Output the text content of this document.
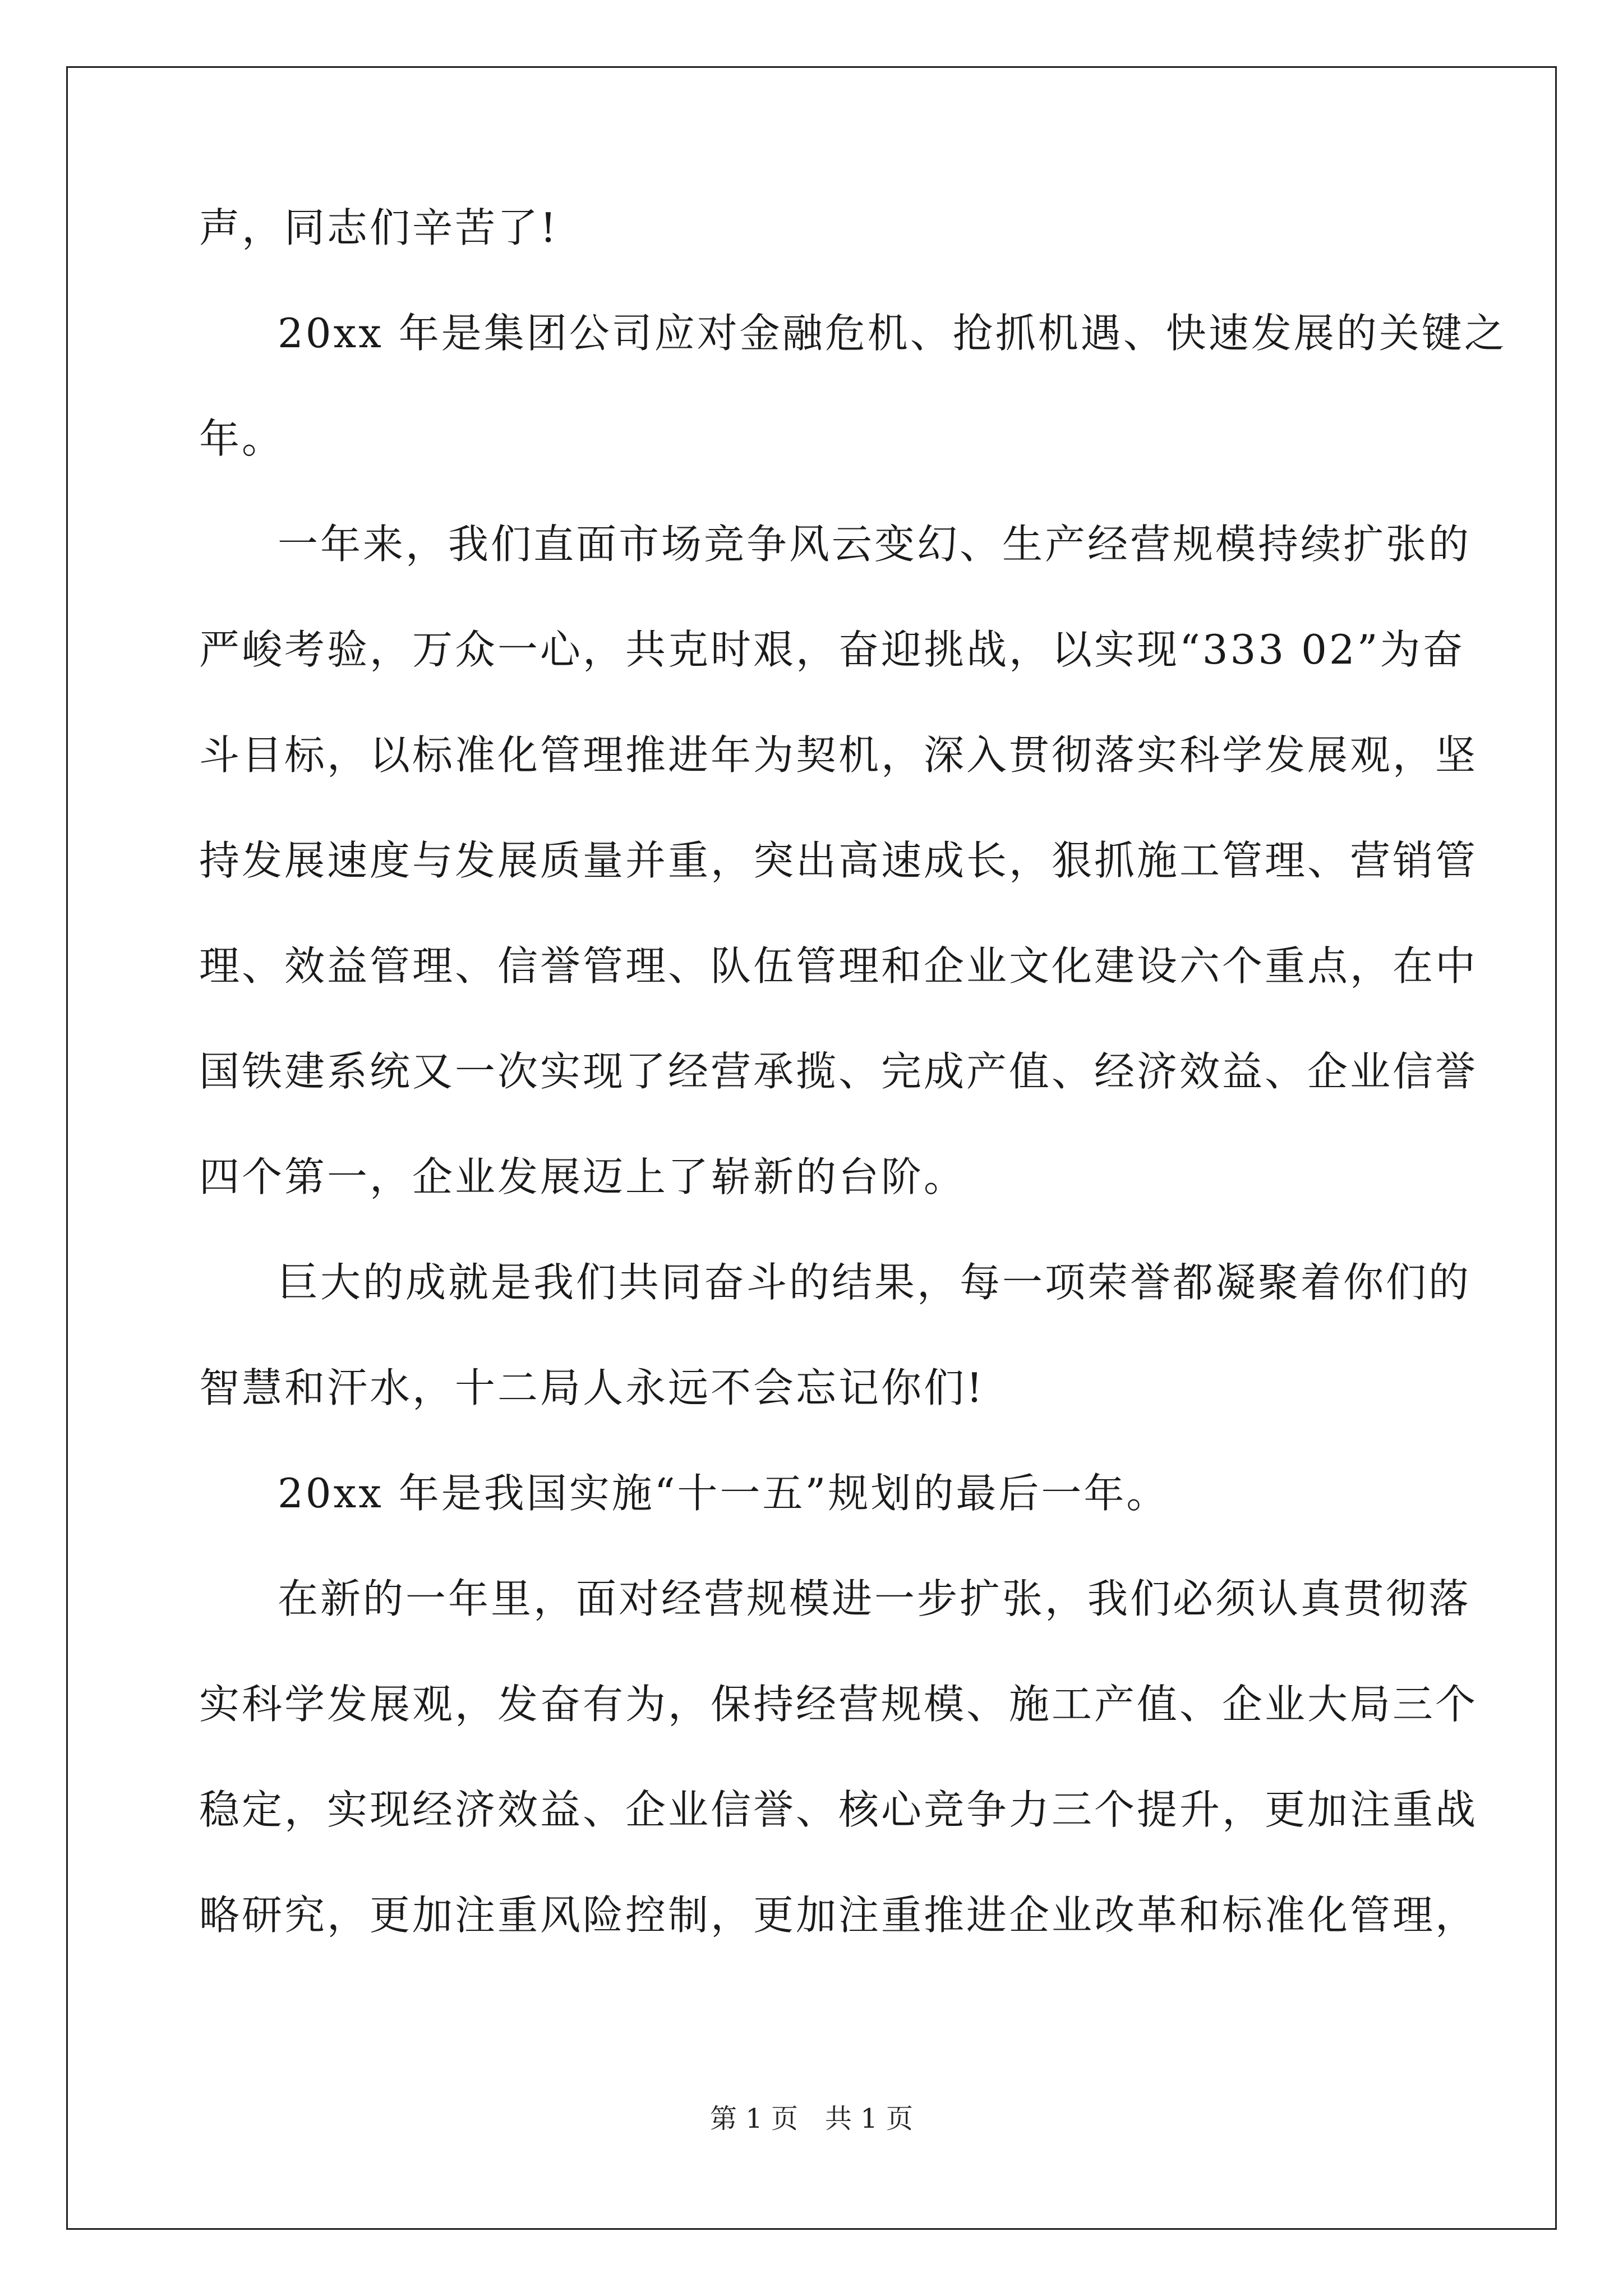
声，同志们辛苦了!
20xx 年是集团公司应对金融危机、抢抓机遇、快速发展的关键之
年。
一年来，我们直面市场竞争风云变幻、生产经营规模持续扩张的
严峻考验，万众一心，共克时艰，奋迎挑战，以实现“333 02”为奋
斗目标，以标准化管理推进年为契机，深入贯彻落实科学发展观，坚
持发展速度与发展质量并重，突出高速成长，狠抓施工管理、营销管
理、效益管理、信誉管理、队伍管理和企业文化建设六个重点，在中
国铁建系统又一次实现了经营承揽、完成产值、经济效益、企业信誉
四个第一，企业发展迈上了崭新的台阶。
巨大的成就是我们共同奋斗的结果，每一项荣誉都凝聚着你们的
智慧和汗水，十二局人永远不会忘记你们!
20xx 年是我国实施“十一五”规划的最后一年。
在新的一年里，面对经营规模进一步扩张，我们必须认真贯彻落
实科学发展观，发奋有为，保持经营规模、施工产值、企业大局三个
稳定，实现经济效益、企业信誉、核心竞争力三个提升，更加注重战
略研究，更加注重风险控制，更加注重推进企业改革和标准化管理，
第 1 页 共 1 页
